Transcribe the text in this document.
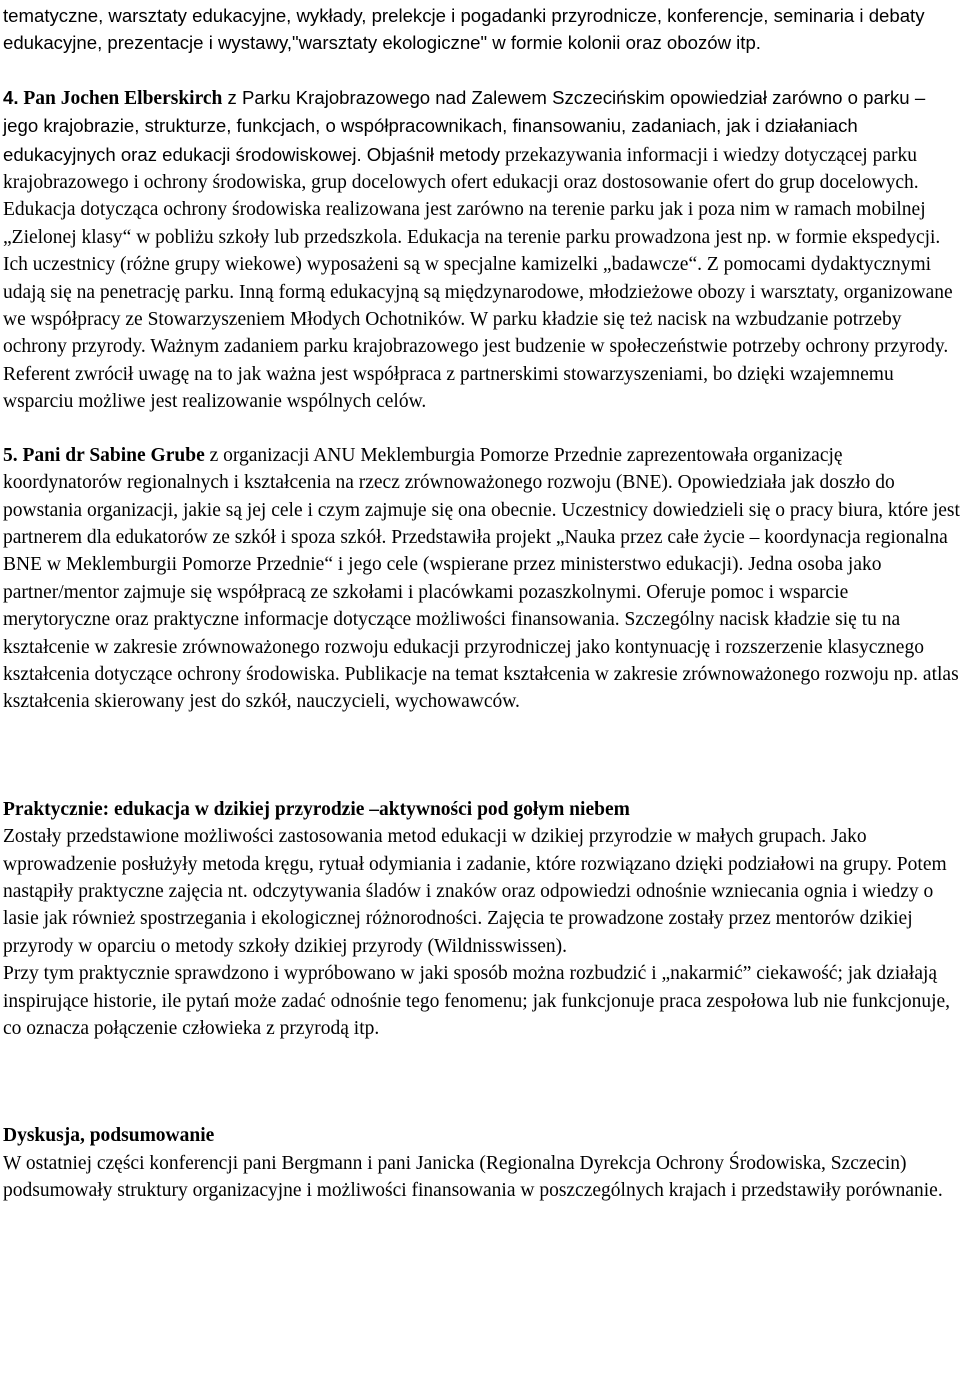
tematyczne, warsztaty edukacyjne, wykłady, prelekcje i pogadanki przyrodnicze, konferencje, seminaria i debaty edukacyjne, prezentacje i wystawy,"warsztaty ekologiczne" w formie kolonii oraz obozów itp.

4. Pan Jochen Elberskirch z Parku Krajobrazowego nad Zalewem Szczecińskim opowiedział zarówno o parku – jego krajobrazie, strukturze, funkcjach, o współpracownikach, finansowaniu, zadaniach, jak i działaniach edukacyjnych oraz edukacji środowiskowej. Objaśnił metody przekazywania informacji i wiedzy dotyczącej parku krajobrazowego i ochrony środowiska, grup docelowych ofert edukacji oraz dostosowanie ofert do grup docelowych. Edukacja dotycząca ochrony środowiska realizowana jest zarówno na terenie parku jak i poza nim w ramach mobilnej „Zielonej klasy“ w pobliżu szkoły lub przedszkola. Edukacja na terenie parku prowadzona jest np. w formie ekspedycji. Ich uczestnicy (różne grupy wiekowe) wyposażeni są w specjalne kamizelki „badawcze“. Z pomocami dydaktycznymi udają się na penetrację parku. Inną formą edukacyjną są międzynarodowe, młodzieżowe obozy i warsztaty, organizowane we współpracy ze Stowarzyszeniem Młodych Ochotników. W parku kładzie się też nacisk na wzbudzanie potrzeby ochrony przyrody. Ważnym zadaniem parku krajobrazowego jest budzenie w społeczeństwie potrzeby ochrony przyrody. Referent zwrócił uwagę na to jak ważna jest współpraca z partnerskimi stowarzyszeniami, bo dzięki wzajemnemu wsparciu możliwe jest realizowanie wspólnych celów.

5. Pani dr Sabine Grube z organizacji ANU Meklemburgia Pomorze Przednie zaprezentowała organizację koordynatorów regionalnych i kształcenia na rzecz zrównoważonego rozwoju (BNE). Opowiedziała jak doszło do powstania organizacji, jakie są jej cele i czym zajmuje się ona obecnie. Uczestnicy dowiedzieli się o pracy biura, które jest partnerem dla edukatorów ze szkół i spoza szkół. Przedstawiła projekt „Nauka przez całe życie – koordynacja regionalna BNE w Meklemburgii Pomorze Przednie“ i jego cele (wspierane przez ministerstwo edukacji). Jedna osoba jako partner/mentor zajmuje się współpracą ze szkołami i placówkami pozaszkolnymi. Oferuje pomoc i wsparcie merytoryczne oraz praktyczne informacje dotyczące możliwości finansowania. Szczególny nacisk kładzie się tu na kształcenie w zakresie zrównoważonego rozwoju edukacji przyrodniczej jako kontynuację i rozszerzenie klasycznego kształcenia dotyczące ochrony środowiska. Publikacje na temat kształcenia w zakresie zrównoważonego rozwoju np. atlas kształcenia skierowany jest do szkół, nauczycieli, wychowawców.

Praktycznie: edukacja w dzikiej przyrodzie –aktywności pod gołym niebem
Zostały przedstawione możliwości zastosowania metod edukacji w dzikiej przyrodzie w małych grupach. Jako wprowadzenie posłużyły metoda kręgu, rytuał odymiania i zadanie, które rozwiązano dzięki podziałowi na grupy. Potem nastąpiły praktyczne zajęcia nt. odczytywania śladów i znaków oraz odpowiedzi odnośnie wzniecania ognia i wiedzy o lasie jak również spostrzegania i ekologicznej różnorodności. Zajęcia te prowadzone zostały przez mentorów dzikiej przyrody w oparciu o metody szkoły dzikiej przyrody (Wildnisswissen).
Przy tym praktycznie sprawdzono i wypróbowano w jaki sposób można rozbudzić i „nakarmić” ciekawość; jak działają inspirujące historie, ile pytań może zadać odnośnie tego fenomenu; jak funkcjonuje praca zespołowa lub nie funkcjonuje, co oznacza połączenie człowieka z przyrodą itp.

Dyskusja, podsumowanie
W ostatniej części konferencji pani Bergmann i pani Janicka (Regionalna Dyrekcja Ochrony Środowiska, Szczecin) podsumowały struktury organizacyjne i możliwości finansowania w poszczególnych krajach i przedstawiły porównanie.
